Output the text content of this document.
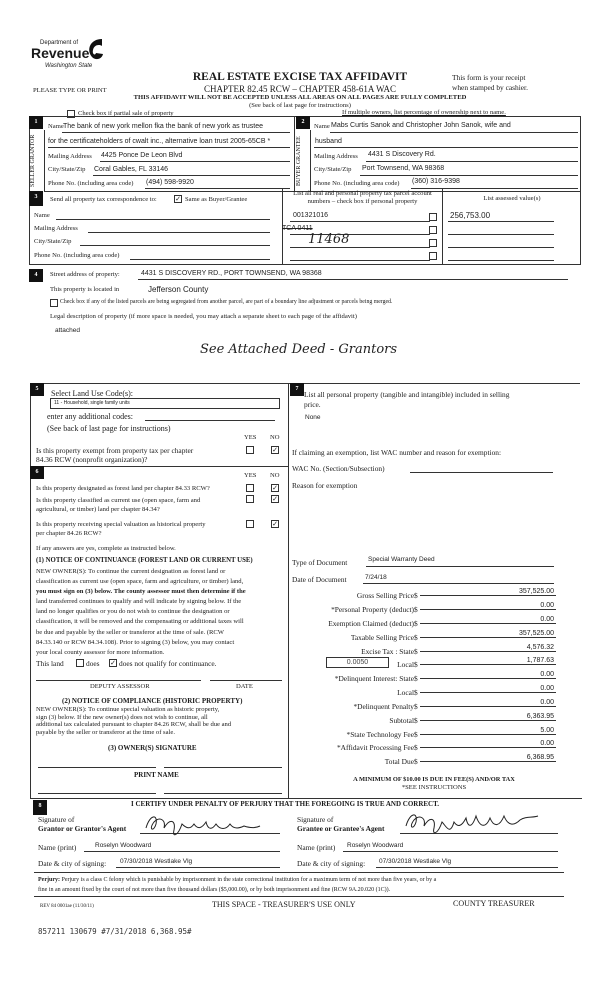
Department of
Revenue
Washington State
REAL ESTATE EXCISE TAX AFFIDAVIT
CHAPTER 82.45 RCW – CHAPTER 458-61A WAC
PLEASE TYPE OR PRINT
This form is your receipt
when stamped by cashier.
THIS AFFIDAVIT WILL NOT BE ACCEPTED UNLESS ALL AREAS ON ALL PAGES ARE FULLY COMPLETED
(See back of last page for instructions)
Check box if partial sale of property	If multiple owners, list percentage of ownership next to name.
1
SELLER GRANTOR
Name The bank of new york mellon fka the bank of new york as trustee
for the certificateholders of cwalt inc., alternative loan trust 2005-65CB *
Mailing Address 4425 Ponce De Leon Blvd
City/State/Zip Coral Gables, FL 33146
Phone No. (including area code) (494) 598-9920
2
BUYER GRANTEE
Name Mabs Curtis Sanok and Christopher John Sanok, wife and
husband
Mailing Address 4431 S Discovery Rd.
City/State/Zip Port Townsend, WA 98368
Phone No. (including area code) (360) 316-9398
3	Send all property tax correspondence to:	✓ Same as Buyer/Grantee
Name
Mailing Address
City/State/Zip
Phone No. (including area code)
List all real and personal property tax parcel account
numbers – check box if personal property	List assessed value(s)
001321016
TCA 0411
11468
256,753.00
4	Street address of property:	4431 S DISCOVERY RD., PORT TOWNSEND, WA 98368
This property is located in	Jefferson County
Check box if any of the listed parcels are being segregated from another parcel, are part of a boundary line adjustment or parcels being merged.
Legal description of property (if more space is needed, you may attach a separate sheet to each page of the affidavit)
attached
See Attached Deed - Grantors
5	Select Land Use Code(s):
11 - Household, single family units
enter any additional codes:
(See back of last page for instructions)
YES NO
Is this property exempt from property tax per chapter
84.36 RCW (nonprofit organization)?
✓
6	YES NO
Is this property designated as forest land per chapter 84.33 RCW?	✓
Is this property classified as current use (open space, farm and
agricultural, or timber) land per chapter 84.34?
✓
Is this property receiving special valuation as historical property
per chapter 84.26 RCW?
✓
If any answers are yes, complete as instructed below.
(1) NOTICE OF CONTINUANCE (FOREST LAND OR CURRENT USE)
NEW OWNER(S): To continue the current designation as forest land or
classification as current use (open space, farm and agriculture, or timber) land,
you must sign on (3) below. The county assessor must then determine if the
land transferred continues to qualify and will indicate by signing below. If the
land no longer qualifies or you do not wish to continue the designation or
classification, it will be removed and the compensating or additional taxes will
be due and payable by the seller or transferor at the time of sale. (RCW
84.33.140 or RCW 84.34.108). Prior to signing (3) below, you may contact
your local county assessor for more information.
This land	does ✓ does not qualify for continuance.
DEPUTY ASSESSOR	DATE
(2) NOTICE OF COMPLIANCE (HISTORIC PROPERTY)
NEW OWNER(S): To continue special valuation as historic property,
sign (3) below. If the new owner(s) does not wish to continue, all
additional tax calculated pursuant to chapter 84.26 RCW, shall be due and
payable by the seller or transferor at the time of sale.
(3) OWNER(S) SIGNATURE
PRINT NAME
7
List all personal property (tangible and intangible) included in selling
price.
None
If claiming an exemption, list WAC number and reason for exemption:
WAC No. (Section/Subsection)
Reason for exemption
Type of Document	Special Warranty Deed
Date of Document	7/24/18
Gross Selling Price $	357,525.00
*Personal Property (deduct) $	0.00
Exemption Claimed (deduct) $	0.00
Taxable Selling Price $	357,525.00
Excise Tax : State $	4,576.32
0.0050	Local $	1,787.63
*Delinquent Interest: State $	0.00
Local $	0.00
*Delinquent Penalty $	0.00
Subtotal $	6,363.95
*State Technology Fee $	5.00
*Affidavit Processing Fee $	0.00
Total Due $	6,368.95
A MINIMUM OF $10.00 IS DUE IN FEE(S) AND/OR TAX
*SEE INSTRUCTIONS
8	I CERTIFY UNDER PENALTY OF PERJURY THAT THE FOREGOING IS TRUE AND CORRECT.
Signature of
Grantor or Grantor's Agent
Signature of
Grantee or Grantee's Agent
Name (print)	Roselyn Woodward	Name (print) Roselyn Woodward
Date & city of signing: 07/30/2018 Westlake Vlg	Date & city of signing: 07/30/2018 Westlake Vlg
Perjury: Perjury is a class C felony which is punishable by imprisonment in the state correctional institution for a maximum term of not more than five years, or by a
fine in an amount fixed by the court of not more than five thousand dollars ($5,000.00), or by both imprisonment and fine (RCW 9A.20.020 (1C)).
REV 84 0001ae (11/30/11)	THIS SPACE - TREASURER'S USE ONLY	COUNTY TREASURER
857211 130679 #7/31/2018 6,368.95#
